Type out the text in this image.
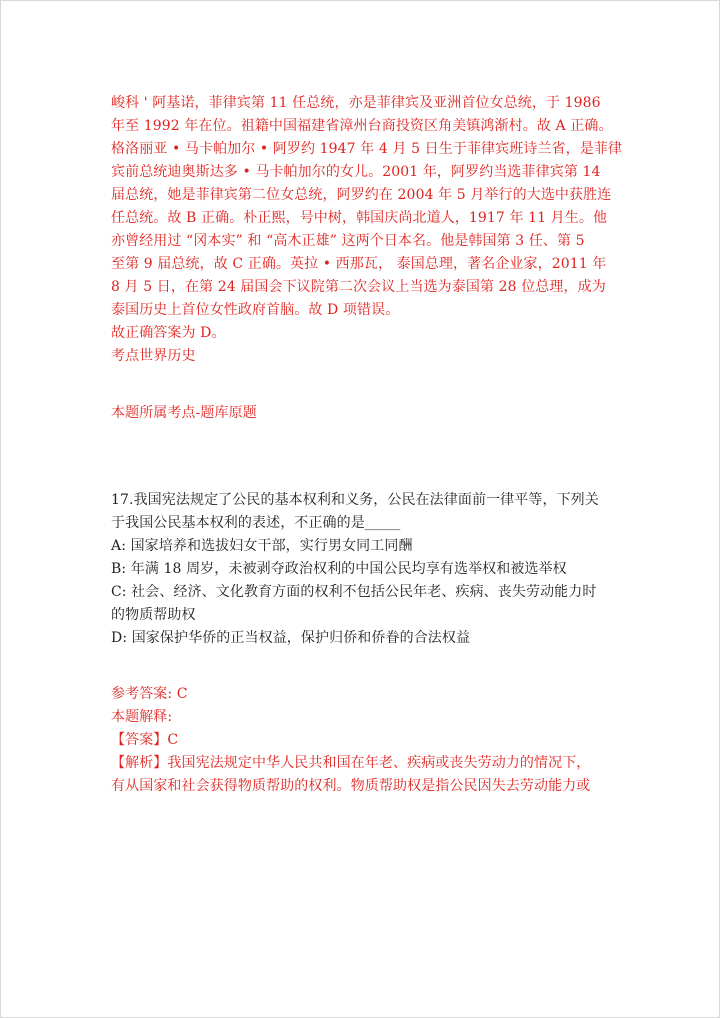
峻科 ' 阿基诺，菲律宾第 11 任总统，亦是菲律宾及亚洲首位女总统，于 1986
年至 1992 年在位。祖籍中国福建省漳州台商投资区角美镇鸿渐村。故 A 正确。
格洛丽亚 • 马卡帕加尔 • 阿罗约 1947 年 4 月 5 日生于菲律宾班诗兰省，是菲律
宾前总统迪奥斯达多 • 马卡帕加尔的女儿。2001 年，阿罗约当选菲律宾第 14
届总统，她是菲律宾第二位女总统，阿罗约在 2004 年 5 月举行的大选中获胜连
任总统。故 B 正确。朴正熙，号中树，韩国庆尚北道人，1917 年 11 月生。他
亦曾经用过 “冈本实” 和 “高木正雄” 这两个日本名。他是韩国第 3 任、第 5
至第 9 届总统，故 C 正确。英拉 • 西那瓦， 泰国总理，著名企业家，2011 年
8 月 5 日，在第 24 届国会下议院第二次会议上当选为泰国第 28 位总理，成为
泰国历史上首位女性政府首脑。故 D 项错误。
故正确答案为 D。
考点世界历史
本题所属考点-题库原题
17.我国宪法规定了公民的基本权利和义务，公民在法律面前一律平等，下列关
于我国公民基本权利的表述，不正确的是_____
A: 国家培养和选拔妇女干部，实行男女同工同酬
B: 年满 18 周岁，未被剥夺政治权利的中国公民均享有选举权和被选举权
C: 社会、经济、文化教育方面的权利不包括公民年老、疾病、丧失劳动能力时
的物质帮助权
D: 国家保护华侨的正当权益，保护归侨和侨眷的合法权益
参考答案: C
本题解释:
【答案】C
【解析】我国宪法规定中华人民共和国在年老、疾病或丧失劳动力的情况下，
有从国家和社会获得物质帮助的权利。物质帮助权是指公民因失去劳动能力或
